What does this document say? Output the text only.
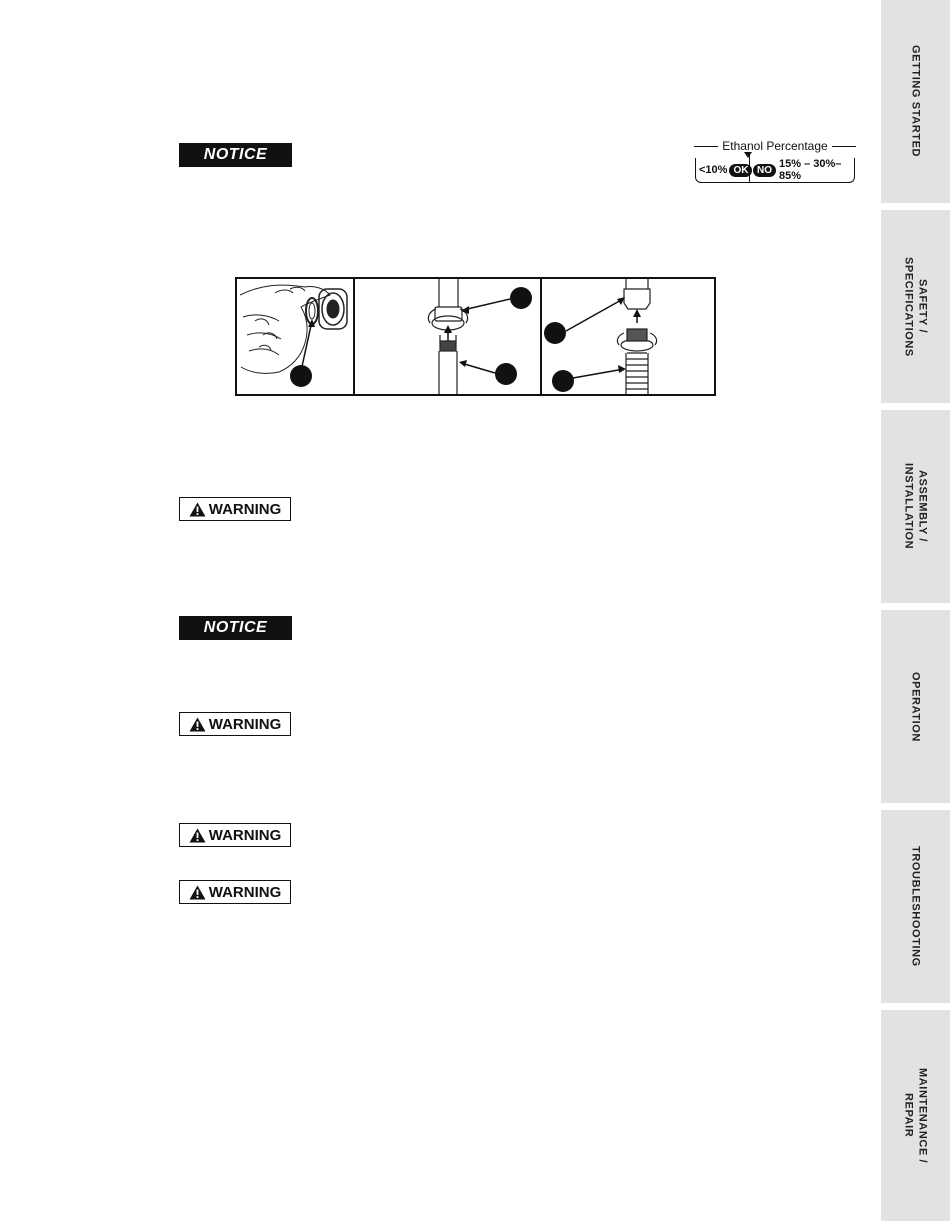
NOTICE	Ethanol Percentage
<10% OK NO 15% – 30%– 85%
WARNING
NOTICE
WARNING
WARNING
WARNING
GETTING STARTED
SAFETY /
SPECIFICATIONS
ASSEMBLY /
INSTALLATION
OPERATION
TROUBLESHOOTING
MAINTENANCE /
REPAIR
